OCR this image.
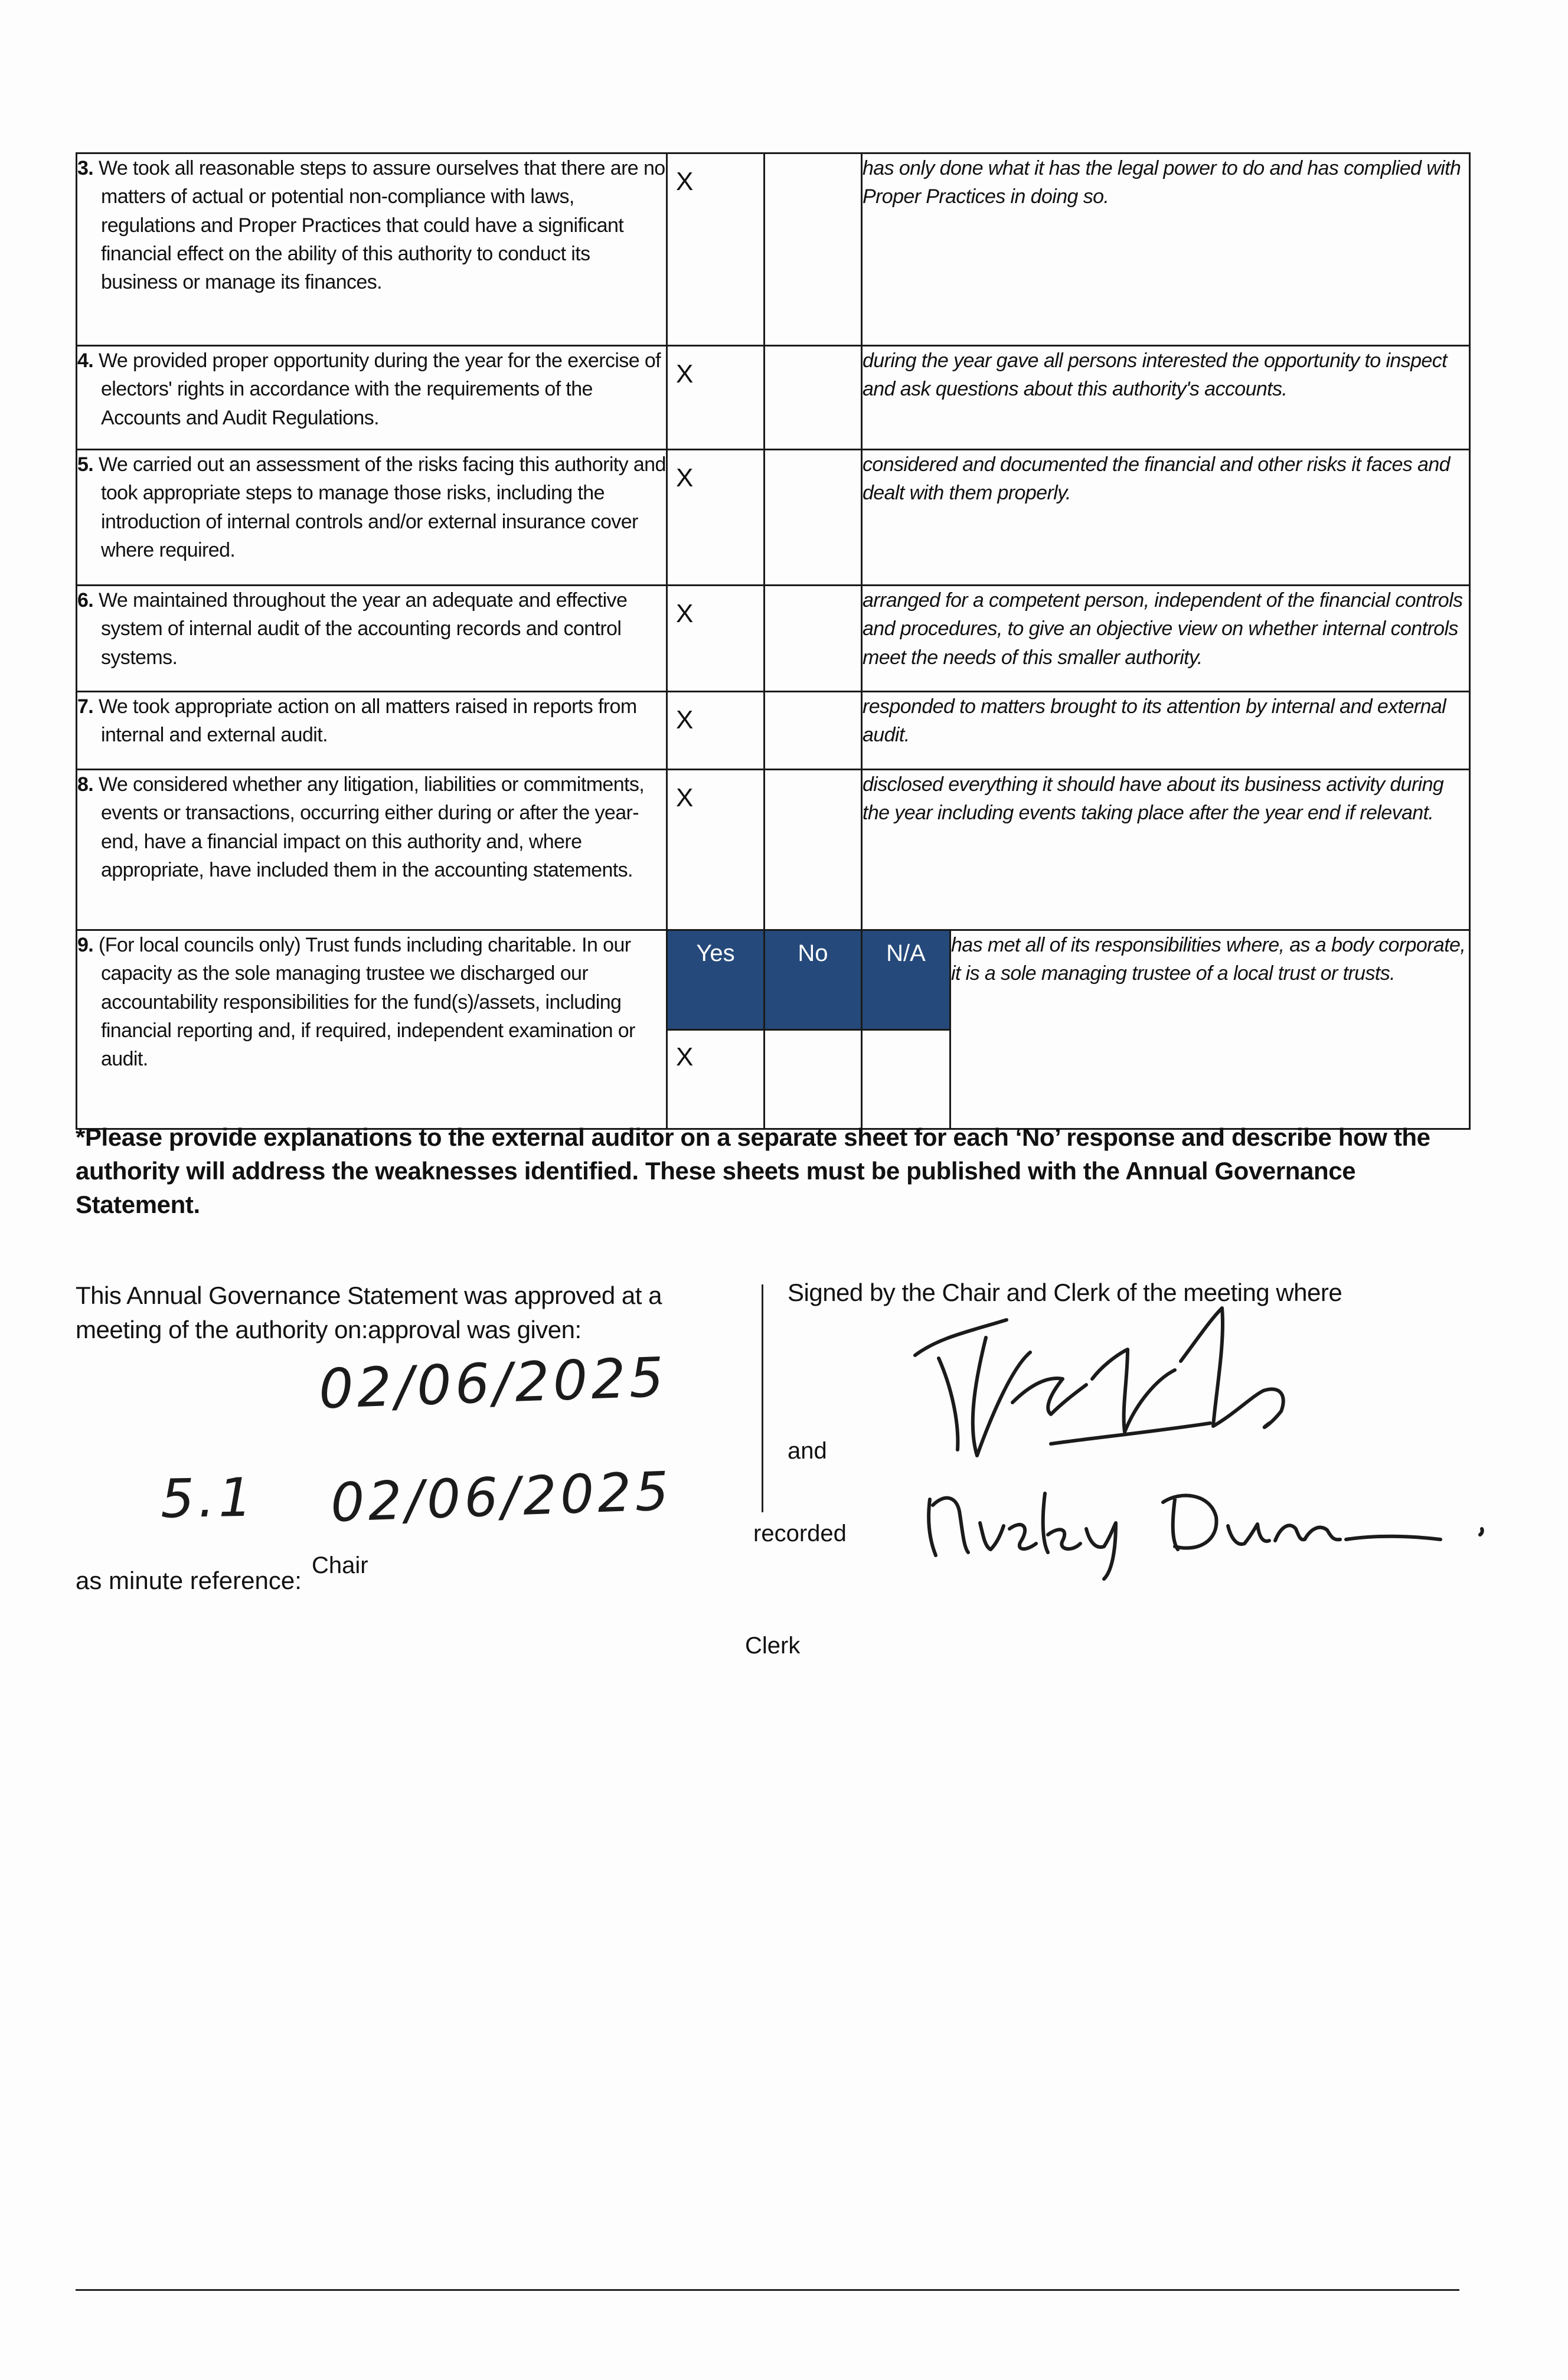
3. We took all reasonable steps to assure ourselves that there are no matters of actual or potential non-compliance with laws, regulations and Proper Practices that could have a significant financial effect on the ability of this authority to conduct its business or manage its finances.	X		has only done what it has the legal power to do and has complied with Proper Practices in doing so.	

4. We provided proper opportunity during the year for the exercise of electors' rights in accordance with the requirements of the Accounts and Audit Regulations.	X		during the year gave all persons interested the opportunity to inspect and ask questions about this authority's accounts.	

5. We carried out an assessment of the risks facing this authority and took appropriate steps to manage those risks, including the introduction of internal controls and/or external insurance cover where required.	X		considered and documented the financial and other risks it faces and dealt with them properly.	

6. We maintained throughout the year an adequate and effective system of internal audit of the accounting records and control systems.	X		arranged for a competent person, independent of the financial controls and procedures, to give an objective view on whether internal controls meet the needs of this smaller authority.	

7. We took appropriate action on all matters raised in reports from internal and external audit.	X		responded to matters brought to its attention by internal and external audit.	

8. We considered whether any litigation, liabilities or commitments, events or transactions, occurring either during or after the year-end, have a financial impact on this authority and, where appropriate, have included them in the accounting statements.	X		disclosed everything it should have about its business activity during the year including events taking place after the year end if relevant.	

9. (For local councils only) Trust funds including charitable. In our capacity as the sole managing trustee we discharged our accountability responsibilities for the fund(s)/assets, including financial reporting and, if required, independent examination or audit.	Yes	No	N/A	has met all of its responsibilities where, as a body corporate, it is a sole managing trustee of a local trust or trusts.
	X			
*Please provide explanations to the external auditor on a separate sheet for each ‘No’ response and describe how the authority will address the weaknesses identified. These sheets must be published with the Annual Governance Statement.
This Annual Governance Statement was approved at a meeting of the authority on:approval was given:
Signed by the Chair and Clerk of the meeting where
and
recorded
as minute reference:
Chair
Clerk
02/06/2025
5.1 02/06/2025
